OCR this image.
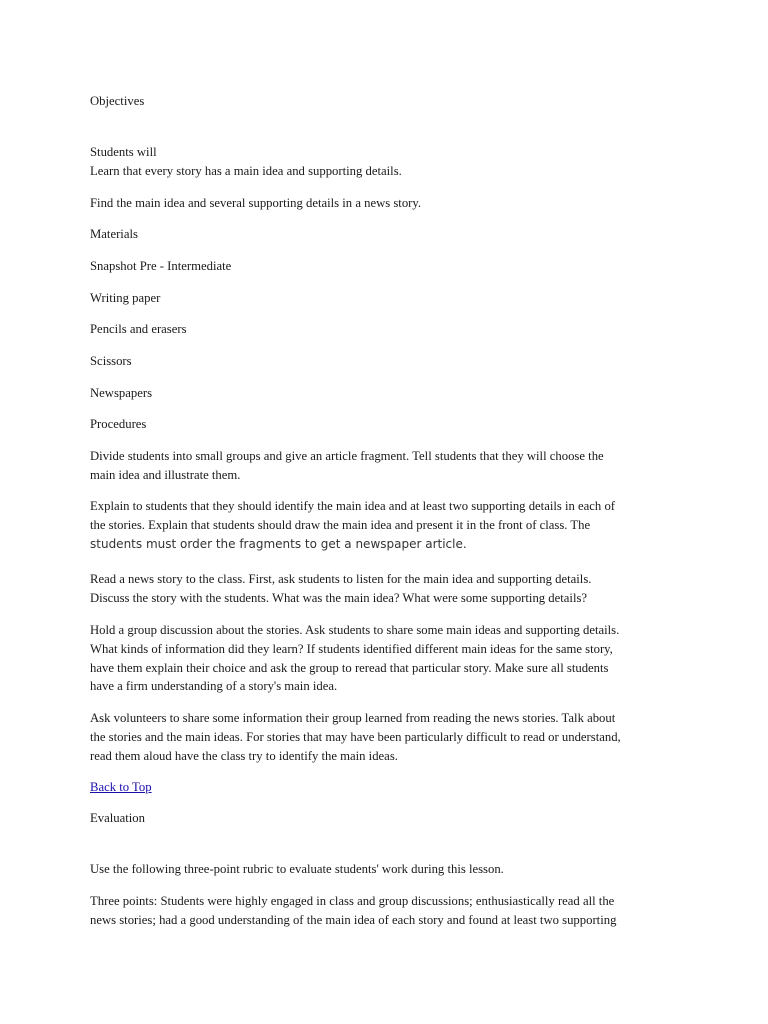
Objectives

Students will

Learn that every story has a main idea and supporting details.

Find the main idea and several supporting details in a news story.

Materials

Snapshot Pre - Intermediate

Writing paper

Pencils and erasers

Scissors

Newspapers

Procedures

Divide students into small groups and give an article fragment. Tell students that they will choose the
main idea and illustrate them.
Explain to students that they should identify the main idea and at least two supporting details in each of
the stories. Explain that students should draw the main idea and present it in the front of class. The
students must order the fragments to get a newspaper article.
Read a news story to the class. First, ask students to listen for the main idea and supporting details.
Discuss the story with the students. What was the main idea? What were some supporting details?
Hold a group discussion about the stories. Ask students to share some main ideas and supporting details.
What kinds of information did they learn? If students identified different main ideas for the same story,
have them explain their choice and ask the group to reread that particular story. Make sure all students
have a firm understanding of a story's main idea.
Ask volunteers to share some information their group learned from reading the news stories. Talk about
the stories and the main ideas. For stories that may have been particularly difficult to read or understand,
read them aloud have the class try to identify the main ideas.

Back to Top

Evaluation

Use the following three-point rubric to evaluate students' work during this lesson.

Three points: Students were highly engaged in class and group discussions; enthusiastically read all the
news stories; had a good understanding of the main idea of each story and found at least two supporting
